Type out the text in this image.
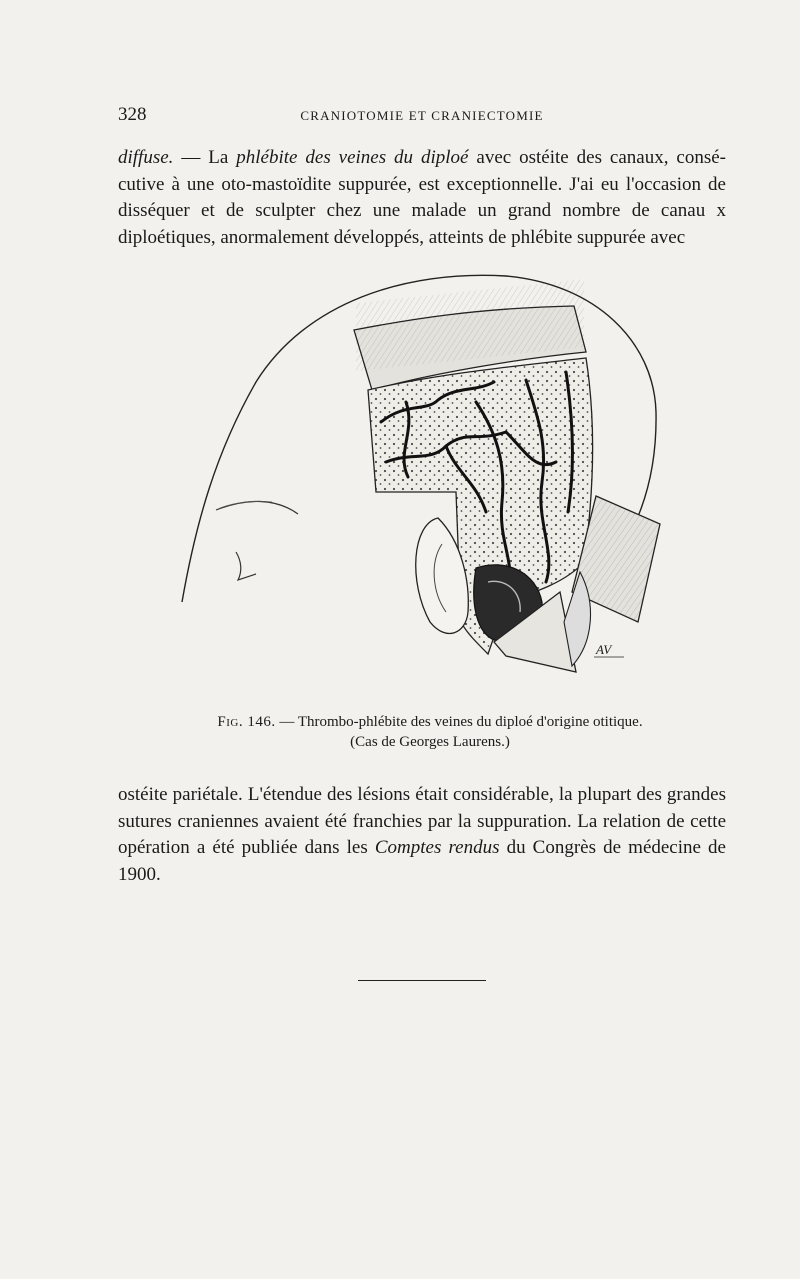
328	CRANIOTOMIE ET CRANIECTOMIE

diffuse. — La phlébite des veines du diploé avec ostéite des canaux, consé-cutive à une oto-mastoïdite suppurée, est exceptionnelle. J'ai eu l'occasion de disséquer et de sculpter chez une malade un grand nombre de canau x diploétiques, anormalement développés, atteints de phlébite suppurée avec

AV
Fig. 146. — Thrombo-phlébite des veines du diploé d'origine otitique.
(Cas de Georges Laurens.)

ostéite pariétale. L'étendue des lésions était considérable, la plupart des grandes sutures craniennes avaient été franchies par la suppuration. La relation de cette opération a été publiée dans les Comptes rendus du Congrès de médecine de 1900.
